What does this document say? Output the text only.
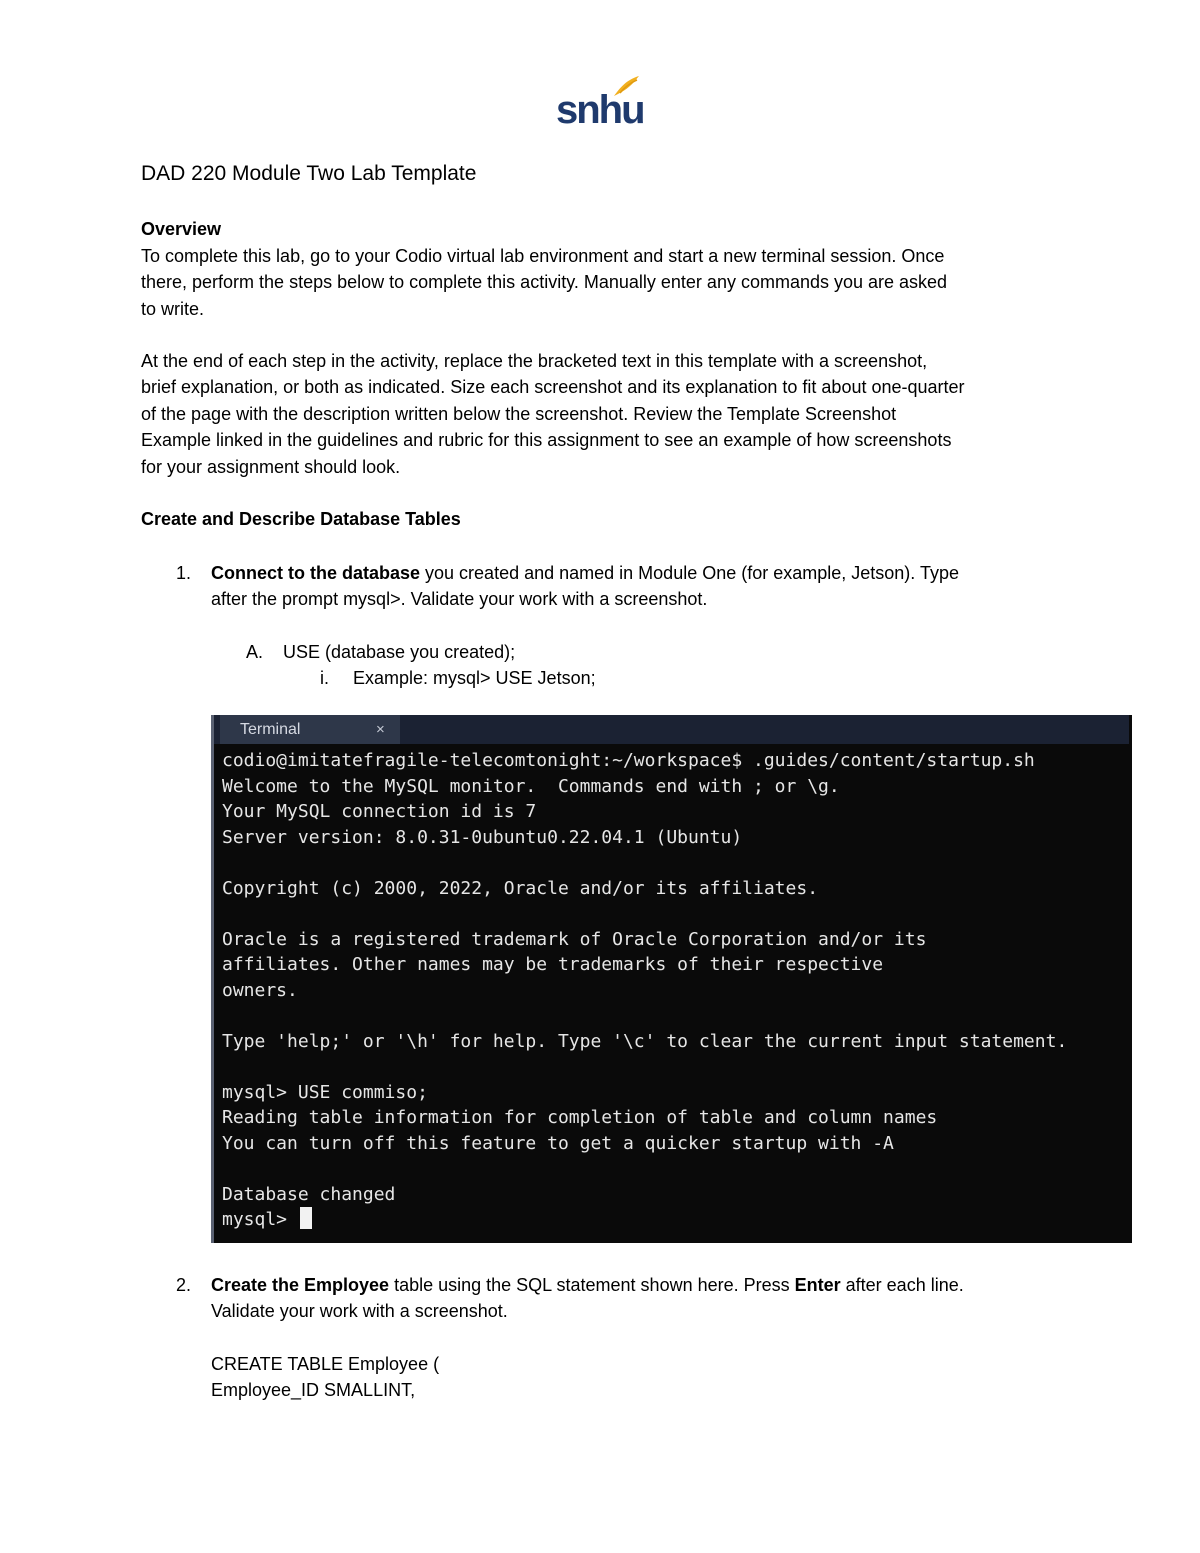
snhu
DAD 220 Module Two Lab Template
Overview

To complete this lab, go to your Codio virtual lab environment and start a new terminal session. Once

there, perform the steps below to complete this activity. Manually enter any commands you are asked

to write.

At the end of each step in the activity, replace the bracketed text in this template with a screenshot,

brief explanation, or both as indicated. Size each screenshot and its explanation to fit about one-quarter

of the page with the description written below the screenshot. Review the Template Screenshot

Example linked in the guidelines and rubric for this assignment to see an example of how screenshots

for your assignment should look.

Create and Describe Database Tables
1. Connect to the database you created and named in Module One (for example, Jetson). Type

after the prompt mysql>. Validate your work with a screenshot.

A. USE (database you created);
i. Example: mysql> USE Jetson;
Terminal	×
codio@imitatefragile-telecomtonight:~/workspace$ .guides/content/startup.sh
Welcome to the MySQL monitor.  Commands end with ; or \g.
Your MySQL connection id is 7
Server version: 8.0.31-0ubuntu0.22.04.1 (Ubuntu)
Copyright (c) 2000, 2022, Oracle and/or its affiliates.
Oracle is a registered trademark of Oracle Corporation and/or its
affiliates. Other names may be trademarks of their respective
owners.
Type 'help;' or '\h' for help. Type '\c' to clear the current input statement.
mysql> USE commiso;
Reading table information for completion of table and column names
You can turn off this feature to get a quicker startup with -A
Database changed
mysql>
2. Create the Employee table using the SQL statement shown here. Press Enter after each line.

Validate your work with a screenshot.

CREATE TABLE Employee (

Employee_ID SMALLINT,
